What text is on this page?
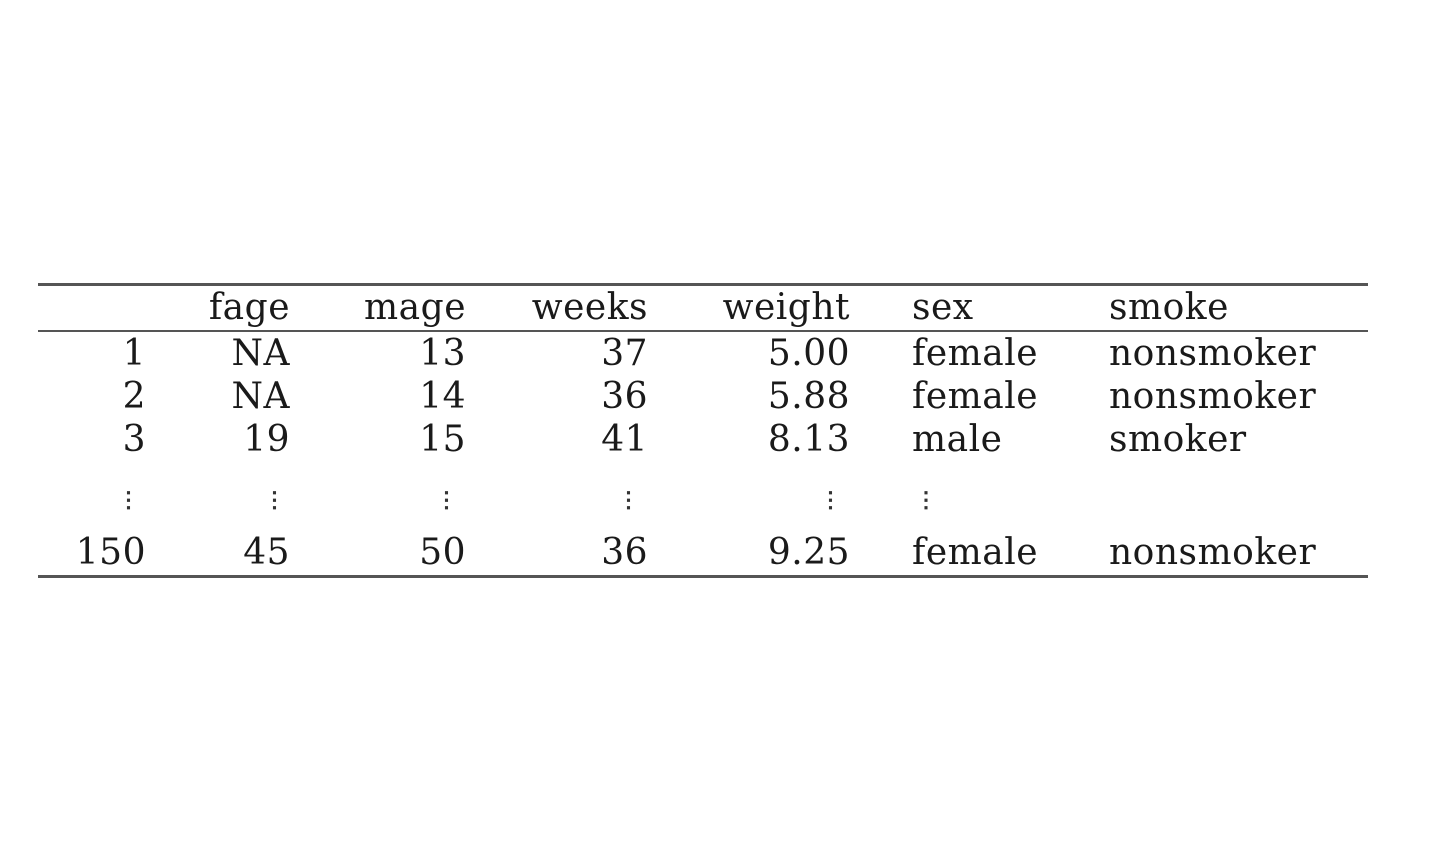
	fage	mage	weeks	weight	sex	smoke
1	NA	13	37	5.00	female	nonsmoker
2	NA	14	36	5.88	female	nonsmoker
3	19	15	41	8.13	male	smoker
⋮	⋮	⋮	⋮	⋮	⋮	
150	45	50	36	9.25	female	nonsmoker
